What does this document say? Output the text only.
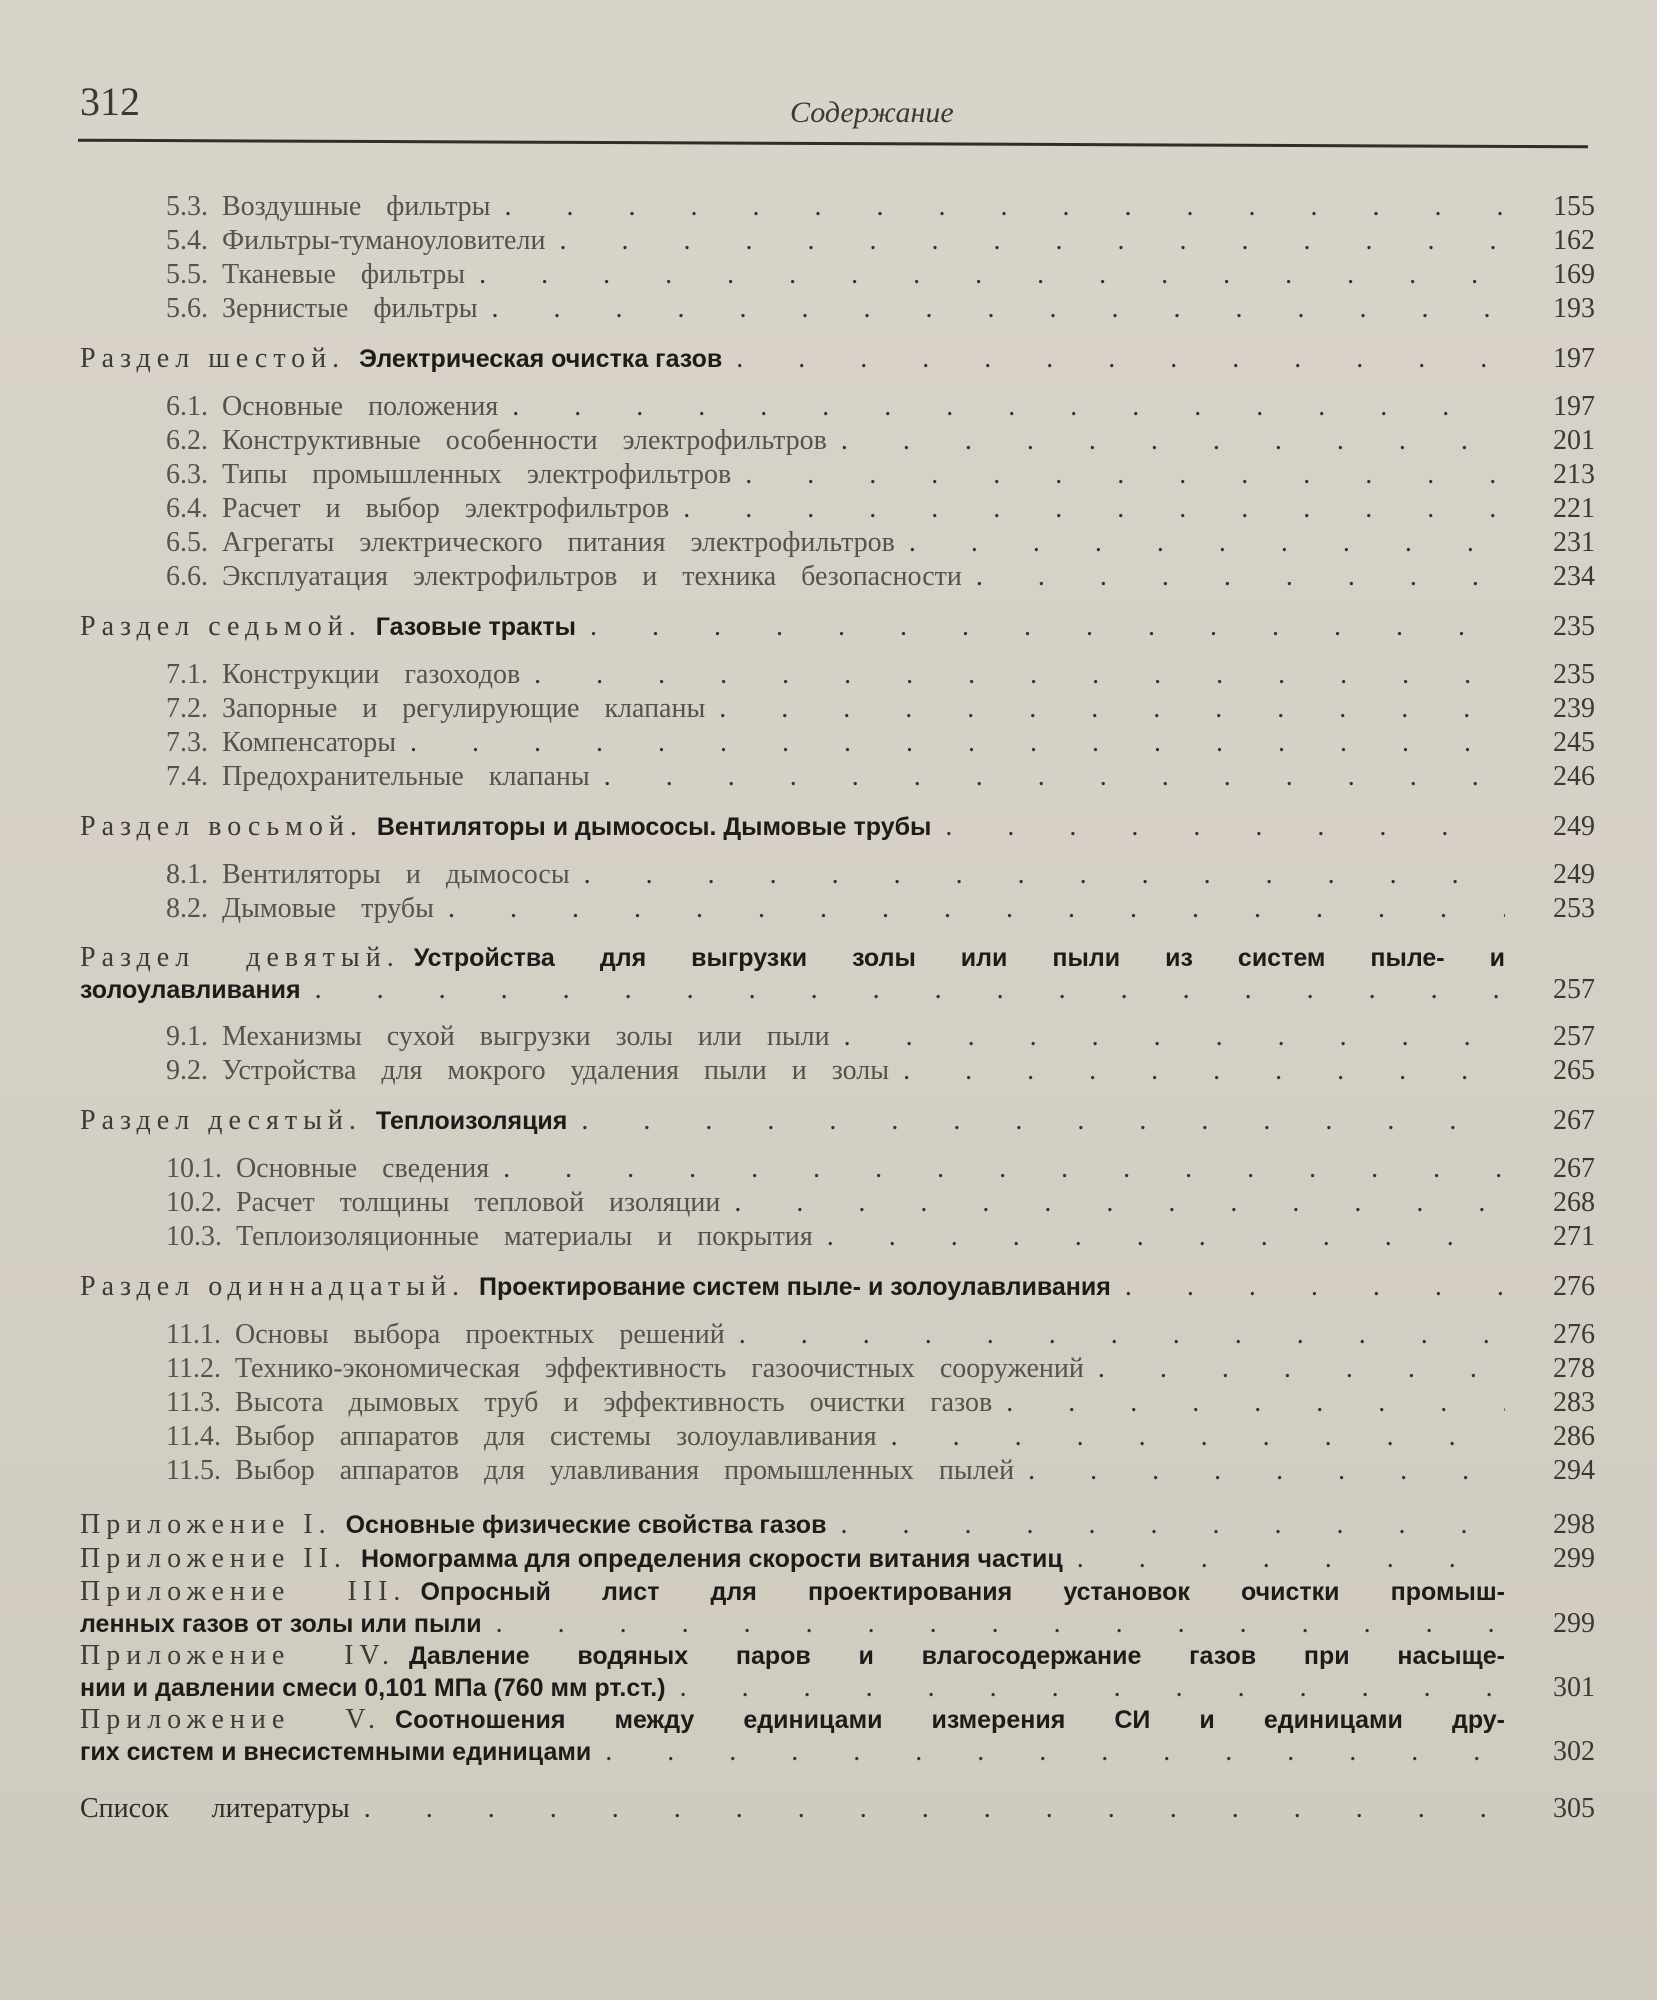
312	Содержание
5.3. Воздушные фильтры . . .	155
5.4. Фильтры-туманоуловители . . .	162
5.5. Тканевые фильтры . . .	169
5.6. Зернистые фильтры . . .	193
Раздел шестой. Электрическая очистка газов . . .	197
6.1. Основные положения . . .	197
6.2. Конструктивные особенности электрофильтров . . .	201
6.3. Типы промышленных электрофильтров . . .	213
6.4. Расчет и выбор электрофильтров . . .	221
6.5. Агрегаты электрического питания электрофильтров . . .	231
6.6. Эксплуатация электрофильтров и техника безопасности . . .	234
Раздел седьмой. Газовые тракты . . .	235
7.1. Конструкции газоходов . . .	235
7.2. Запорные и регулирующие клапаны . . .	239
7.3. Компенсаторы . . .	245
7.4. Предохранительные клапаны . . .	246
Раздел восьмой. Вентиляторы и дымососы. Дымовые трубы . . .	249
8.1. Вентиляторы и дымососы . . .	249
8.2. Дымовые трубы . . .	253
Раздел девятый. Устройства для выгрузки золы или пыли из систем пыле- и
золоулавливания . . .	257
9.1. Механизмы сухой выгрузки золы или пыли . . .	257
9.2. Устройства для мокрого удаления пыли и золы . . .	265
Раздел десятый. Теплоизоляция . . .	267
10.1. Основные сведения . . .	267
10.2. Расчет толщины тепловой изоляции . . .	268
10.3. Теплоизоляционные материалы и покрытия . . .	271
Раздел одиннадцатый. Проектирование систем пыле- и золоулавливания . . .	276
11.1. Основы выбора проектных решений . . .	276
11.2. Технико-экономическая эффективность газоочистных сооружений . . .	278
11.3. Высота дымовых труб и эффективность очистки газов . . .	283
11.4. Выбор аппаратов для системы золоулавливания . . .	286
11.5. Выбор аппаратов для улавливания промышленных пылей . . .	294
Приложение I. Основные физические свойства газов . . .	298
Приложение II. Номограмма для определения скорости витания частиц . . .	299
Приложение III. Опросный лист для проектирования установок очистки промыш-
ленных газов от золы или пыли . . .	299
Приложение IV. Давление водяных паров и влагосодержание газов при насыще-
нии и давлении смеси 0,101 МПа (760 мм рт.ст.) . . .	301
Приложение V. Соотношения между единицами измерения СИ и единицами дру-
гих систем и внесистемными единицами . . .	302
Список литературы . . .	305
